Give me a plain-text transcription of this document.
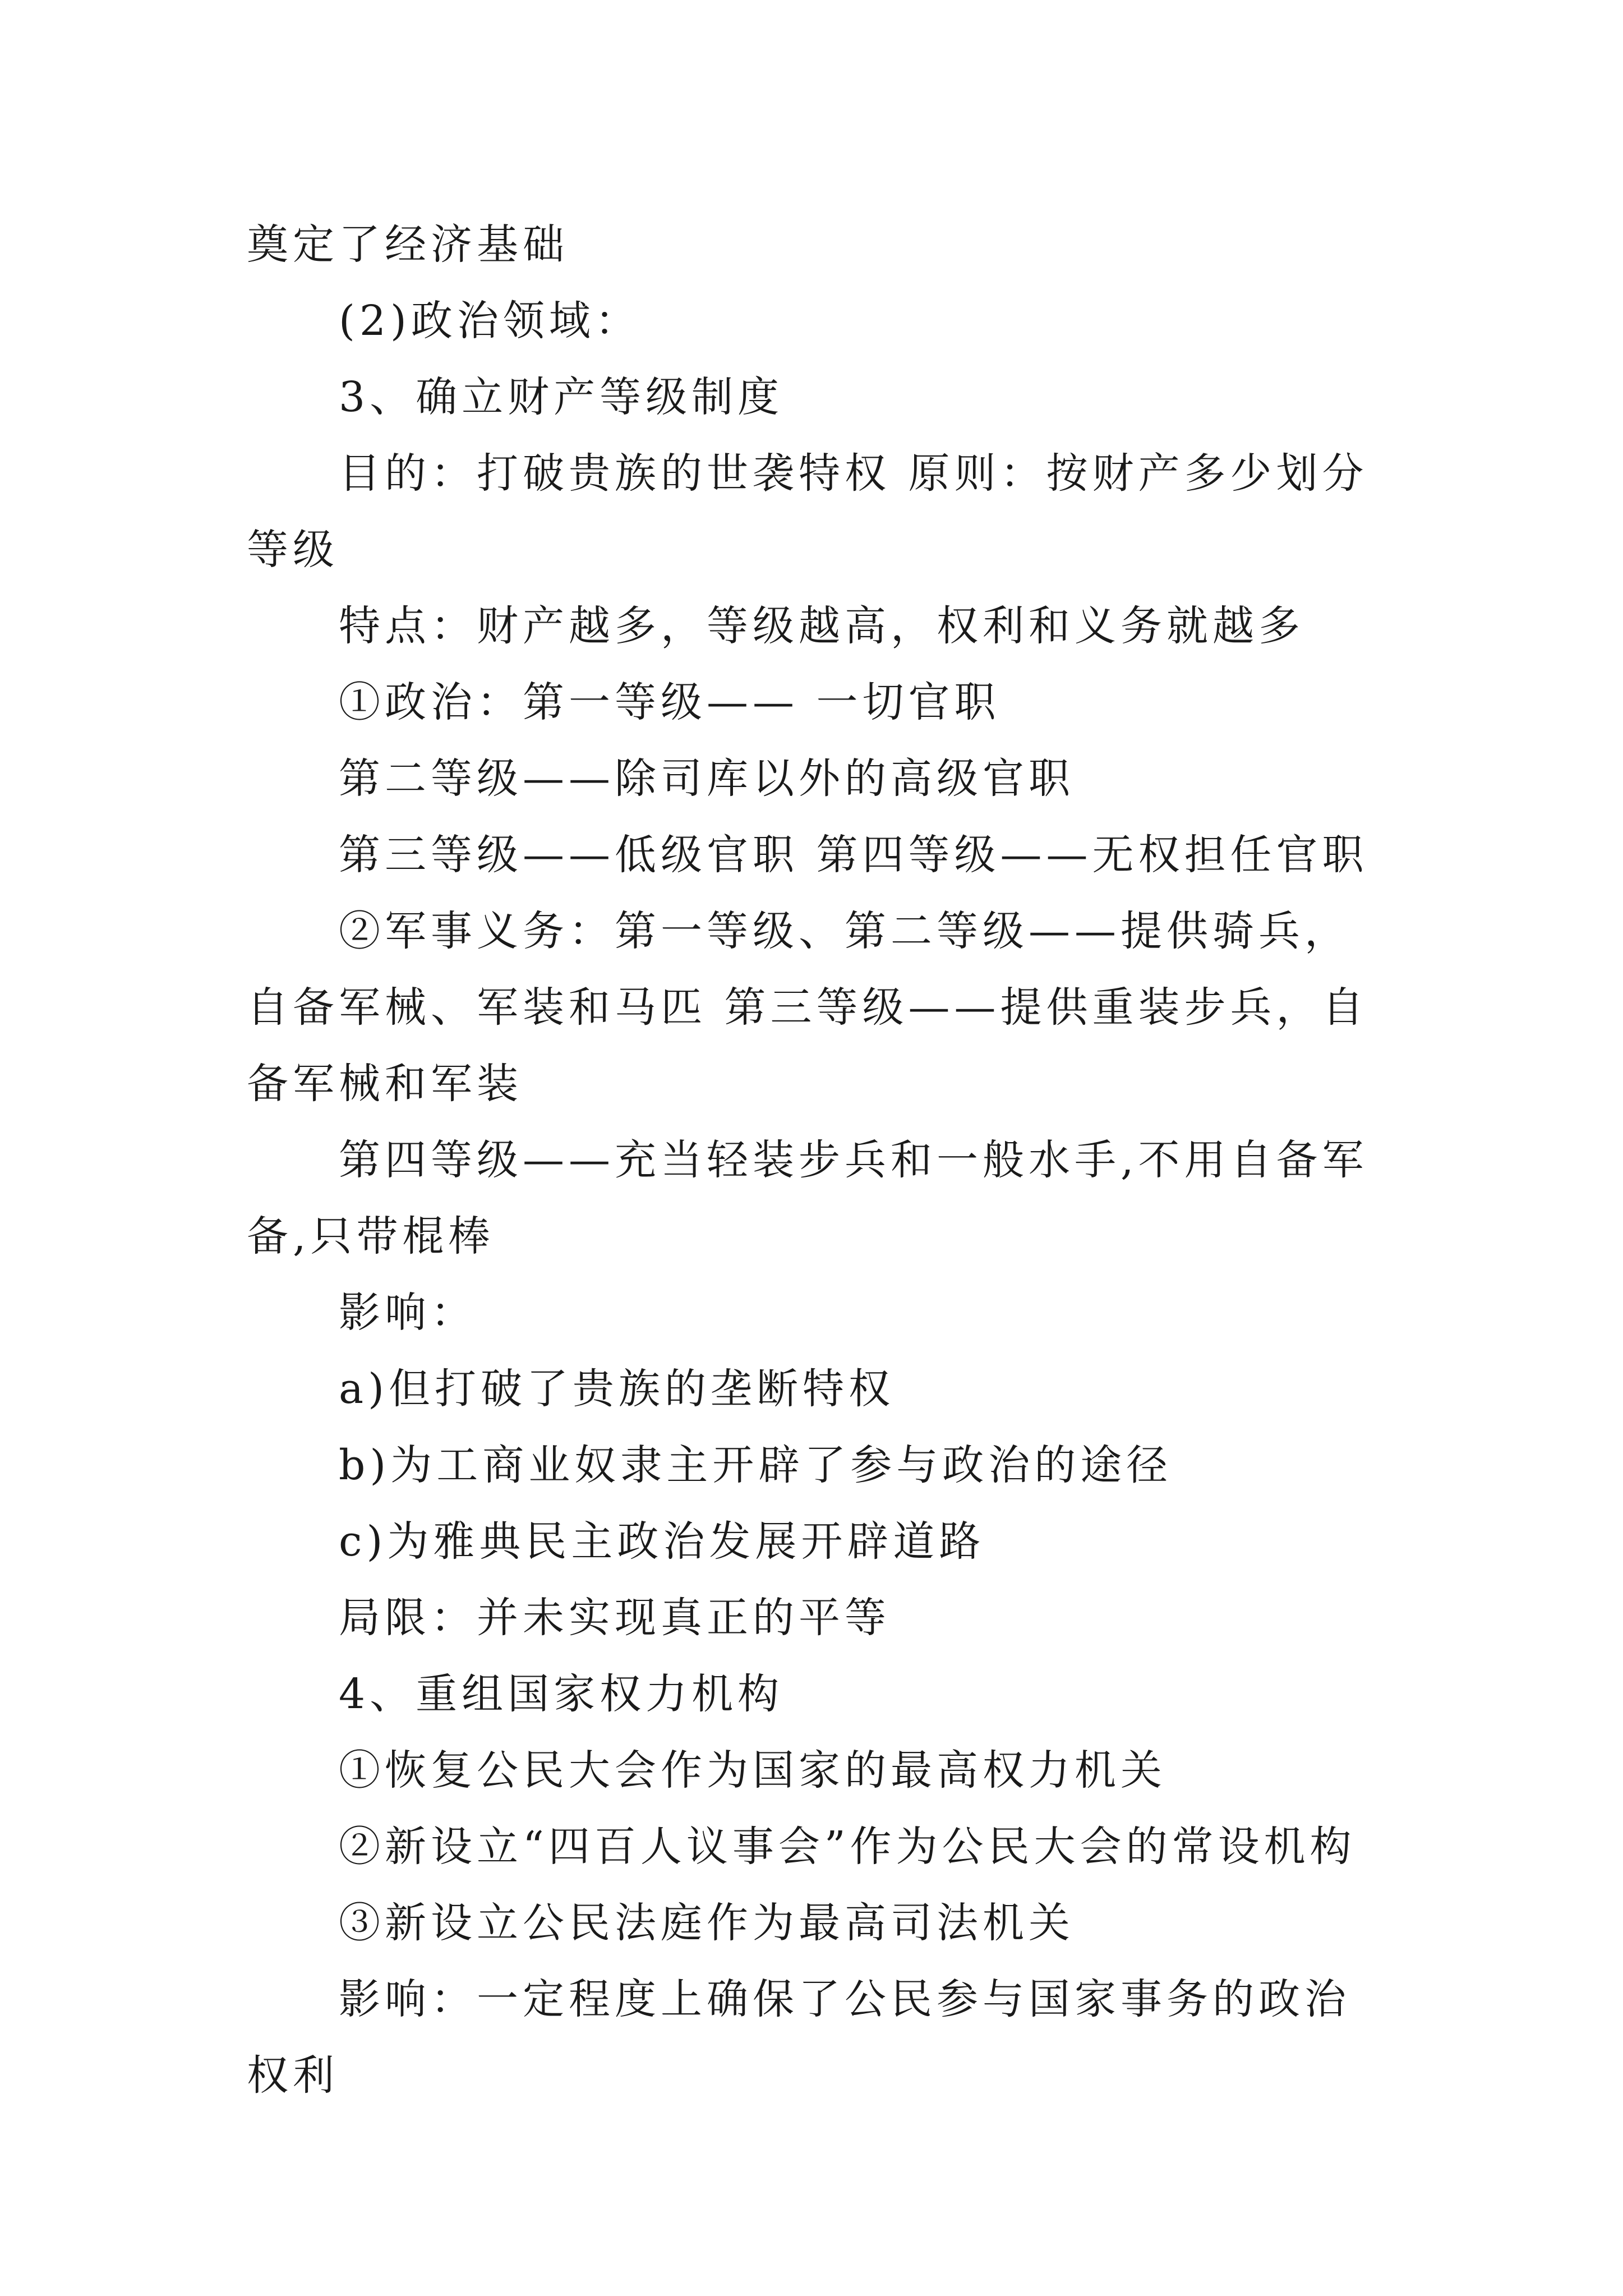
奠定了经济基础

(2)政治领域：

3、确立财产等级制度

目的：打破贵族的世袭特权 原则：按财产多少划分等级

特点：财产越多，等级越高，权利和义务就越多

①政治：第一等级—— 一切官职

第二等级——除司库以外的高级官职

第三等级——低级官职 第四等级——无权担任官职

②军事义务：第一等级、第二等级——提供骑兵，自备军械、军装和马匹 第三等级——提供重装步兵，自备军械和军装

第四等级——充当轻装步兵和一般水手,不用自备军备,只带棍棒

影响：

a)但打破了贵族的垄断特权

b)为工商业奴隶主开辟了参与政治的途径

c)为雅典民主政治发展开辟道路

局限：并未实现真正的平等

4、重组国家权力机构

①恢复公民大会作为国家的最高权力机关

②新设立“四百人议事会”作为公民大会的常设机构

③新设立公民法庭作为最高司法机关

影响：一定程度上确保了公民参与国家事务的政治权利
